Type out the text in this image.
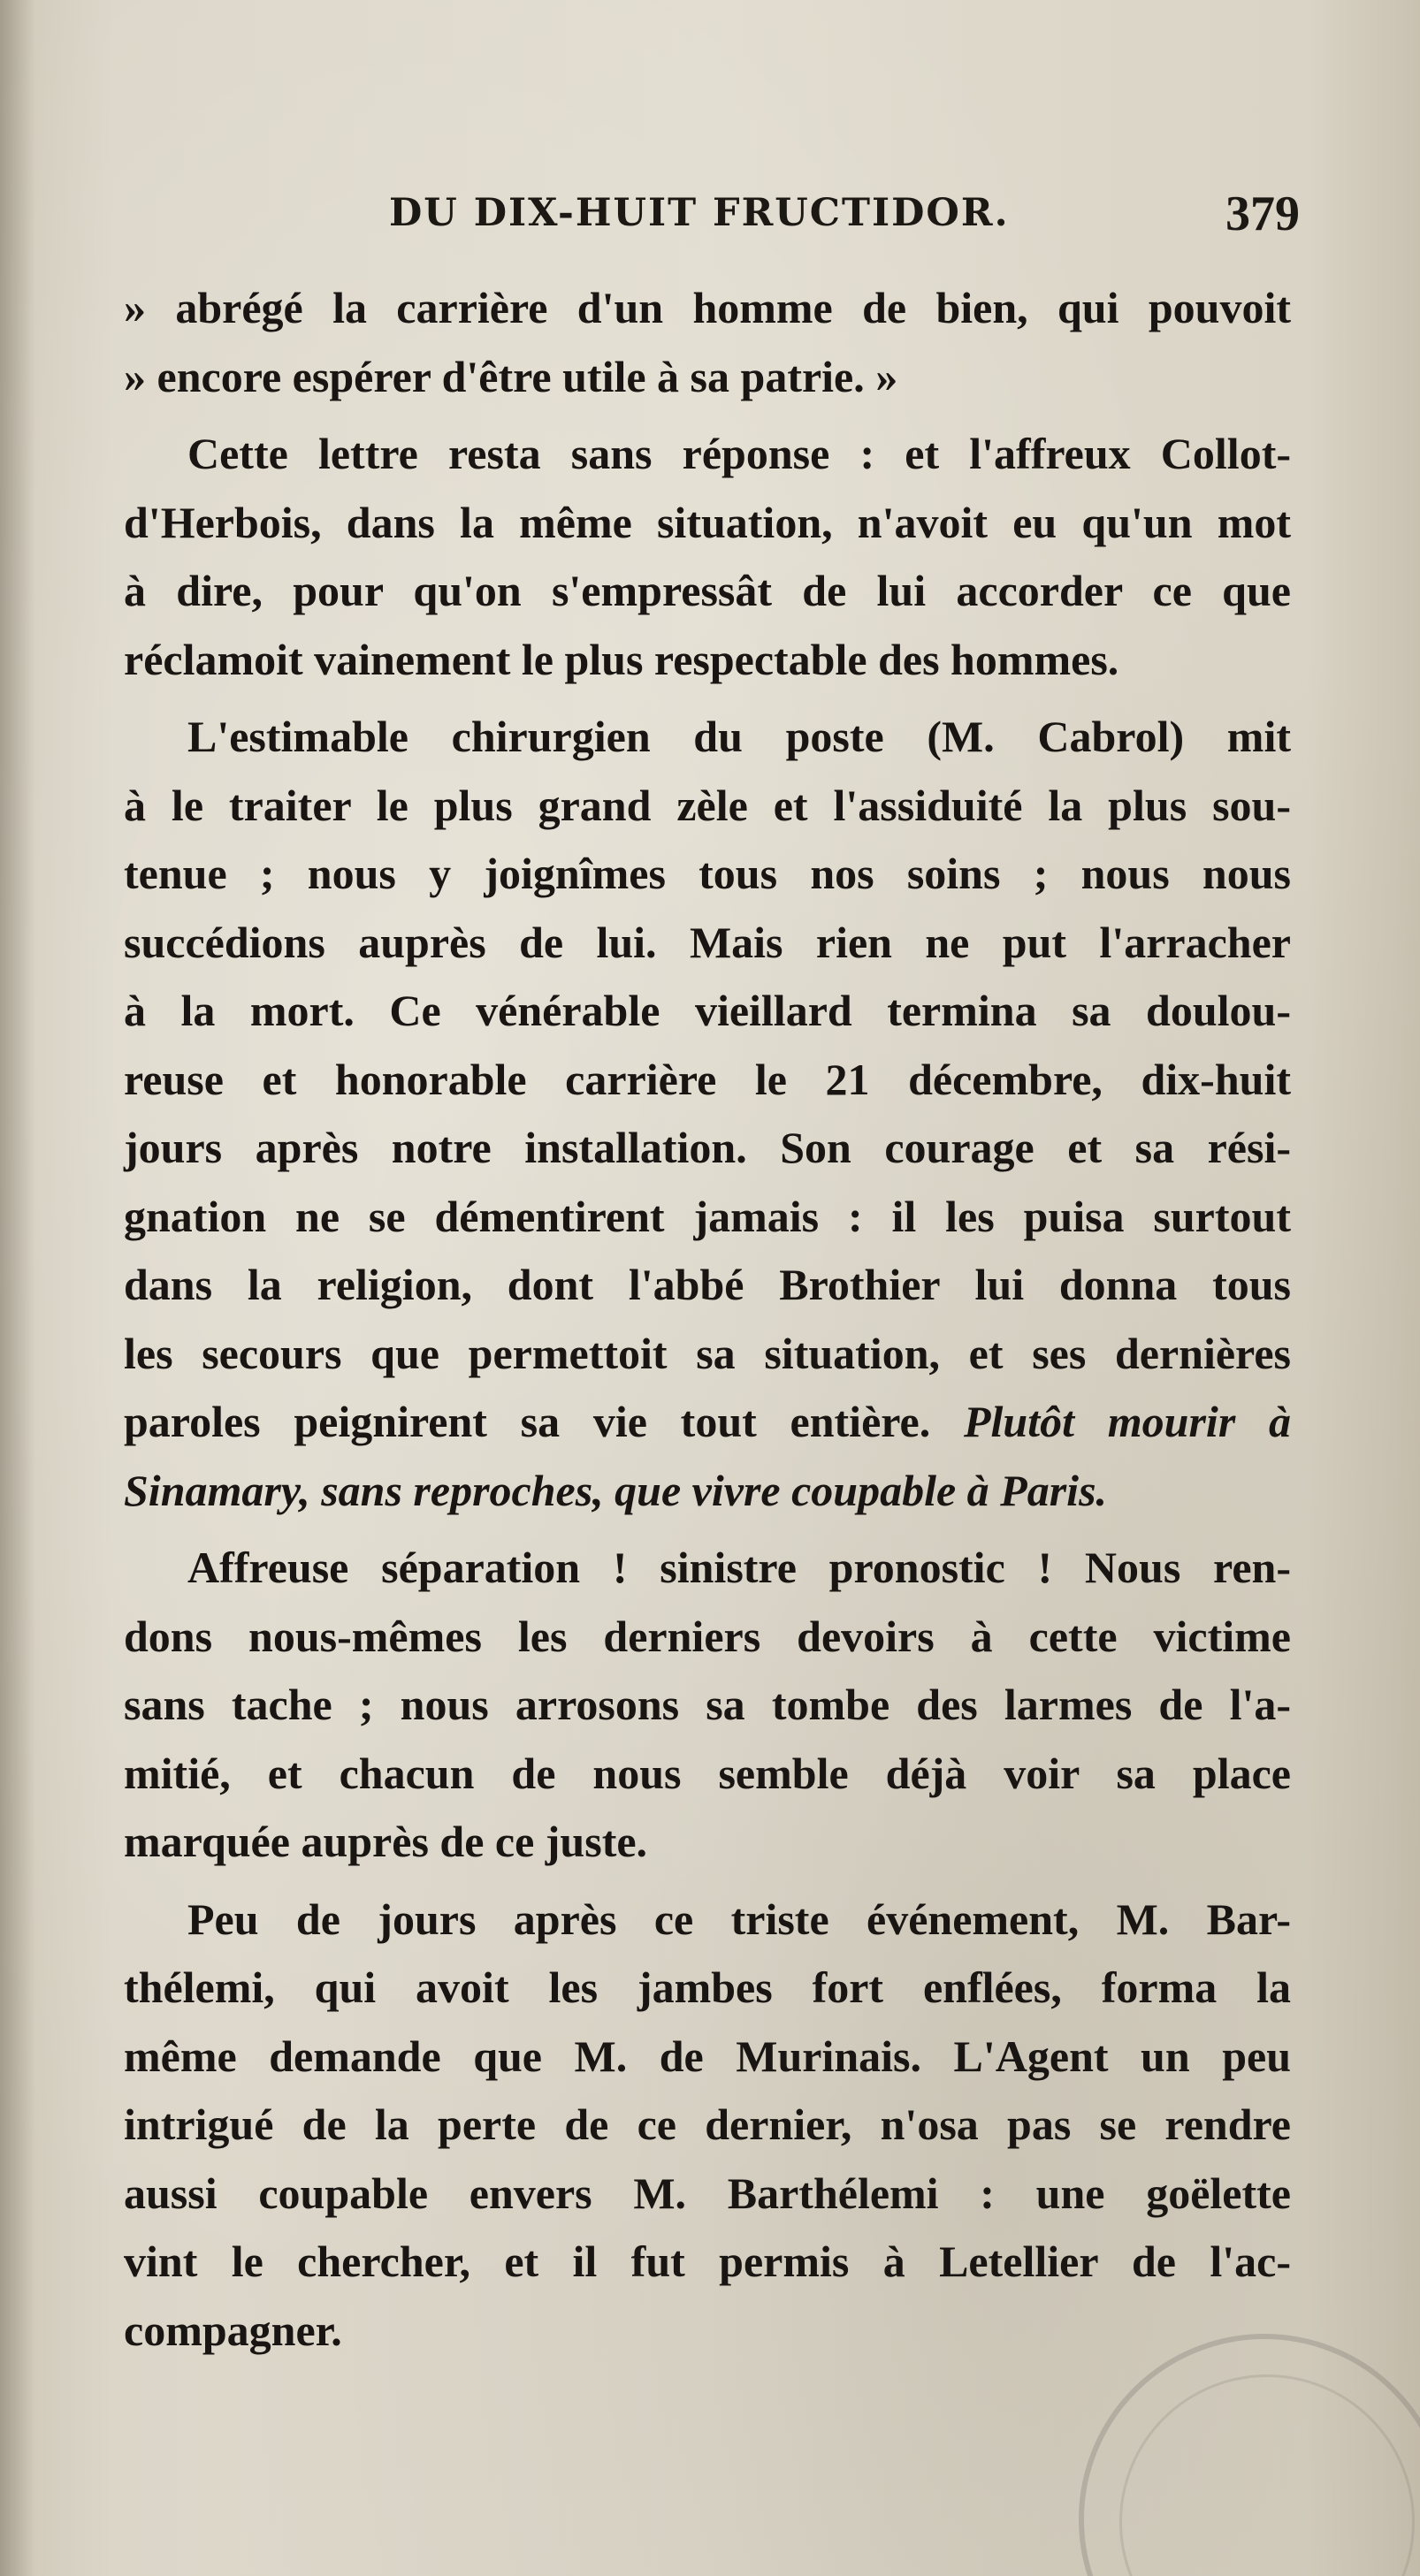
DU DIX-HUIT FRUCTIDOR.	379
» abrégé la carrière d'un homme de bien, qui pouvoit
» encore espérer d'être utile à sa patrie. »
Cette lettre resta sans réponse : et l'affreux Collot-
d'Herbois, dans la même situation, n'avoit eu qu'un mot
à dire, pour qu'on s'empressât de lui accorder ce que
réclamoit vainement le plus respectable des hommes.
L'estimable chirurgien du poste (M. Cabrol) mit
à le traiter le plus grand zèle et l'assiduité la plus sou-
tenue ; nous y joignîmes tous nos soins ; nous nous
succédions auprès de lui. Mais rien ne put l'arracher
à la mort. Ce vénérable vieillard termina sa doulou-
reuse et honorable carrière le 21 décembre, dix-huit
jours après notre installation. Son courage et sa rési-
gnation ne se démentirent jamais : il les puisa surtout
dans la religion, dont l'abbé Brothier lui donna tous
les secours que permettoit sa situation, et ses dernières
paroles peignirent sa vie tout entière. Plutôt mourir à
Sinamary, sans reproches, que vivre coupable à Paris.
Affreuse séparation ! sinistre pronostic ! Nous ren-
dons nous-mêmes les derniers devoirs à cette victime
sans tache ; nous arrosons sa tombe des larmes de l'a-
mitié, et chacun de nous semble déjà voir sa place
marquée auprès de ce juste.
Peu de jours après ce triste événement, M. Bar-
thélemi, qui avoit les jambes fort enflées, forma la
même demande que M. de Murinais. L'Agent un peu
intrigué de la perte de ce dernier, n'osa pas se rendre
aussi coupable envers M. Barthélemi : une goëlette
vint le chercher, et il fut permis à Letellier de l'ac-
compagner.
